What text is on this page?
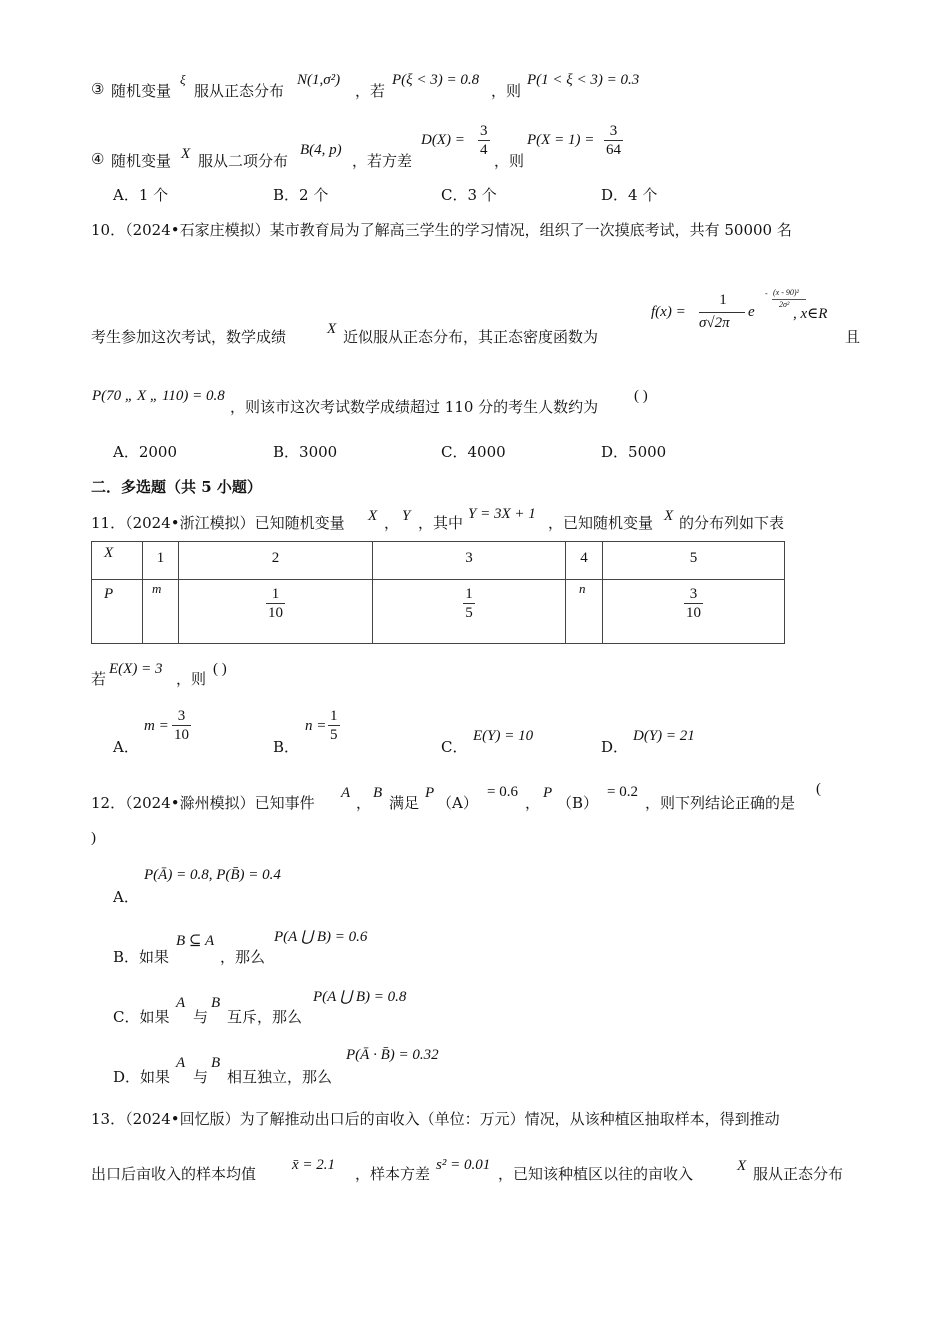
③ 随机变量
ξ
服从正态分布
N(1,σ²)
，若
P(ξ < 3) = 0.8
，则
P(1 < ξ < 3) = 0.3
④ 随机变量 X 服从二项分布
B(4, p)
，若方差
$D(X) = \frac{3}{4}$
，则
$P(X = 1) = \frac{3}{64}$
A．1 个	B．2 个	C．3 个	D．4 个
10．（2024•石家庄模拟）某市教育局为了解高三学生的学习情况，组织了一次摸底考试，共有 50000 名
考生参加这次考试，数学成绩	X 近似服从正态分布，其正态密度函数为
f(x) =
1
σ√2π
e
- (x - 90)²
2σ²
, x∈R
且
P(70 „ X „ 110) = 0.8
，则该市这次考试数学成绩超过 110 分的考生人数约为
( )
A．2000	B．3000	C．4000	D．5000
二．多选题（共 5 小题）
11．（2024•浙江模拟）已知随机变量 X ， Y ，其中 Y = 3X + 1 ，已知随机变量 X 的分布列如下表
X	1	2	3	4	5
P	m	$\frac{1}{10}$	$\frac{1}{5}$	n	$\frac{3}{10}$
若
E(X) = 3
，则
( )
A．
$m = \frac{3}{10}$
B．
$n = \frac{1}{5}$
C．
E(Y) = 10
D．
D(Y) = 21
12．（2024•滁州模拟）已知事件
A
，
B
满足
P
（A）
= 0.6
，
P
（B）
= 0.2
，则下列结论正确的是
(
)
A．
P(Ā) = 0.8, P(B̄) = 0.4
B．如果
B ⊆ A
，那么
P(A ⋃ B) = 0.6
C．如果
A
与
B
互斥，那么
P(A ⋃ B) = 0.8
D．如果
A
与
B
相互独立，那么
P(Ā · B̄) = 0.32
13．（2024•回忆版）为了解推动出口后的亩收入（单位：万元）情况，从该种植区抽取样本，得到推动
出口后亩收入的样本均值 x̄ = 2.1 ，样本方差 s² = 0.01 ，已知该种植区以往的亩收入	X 服从正态分布
